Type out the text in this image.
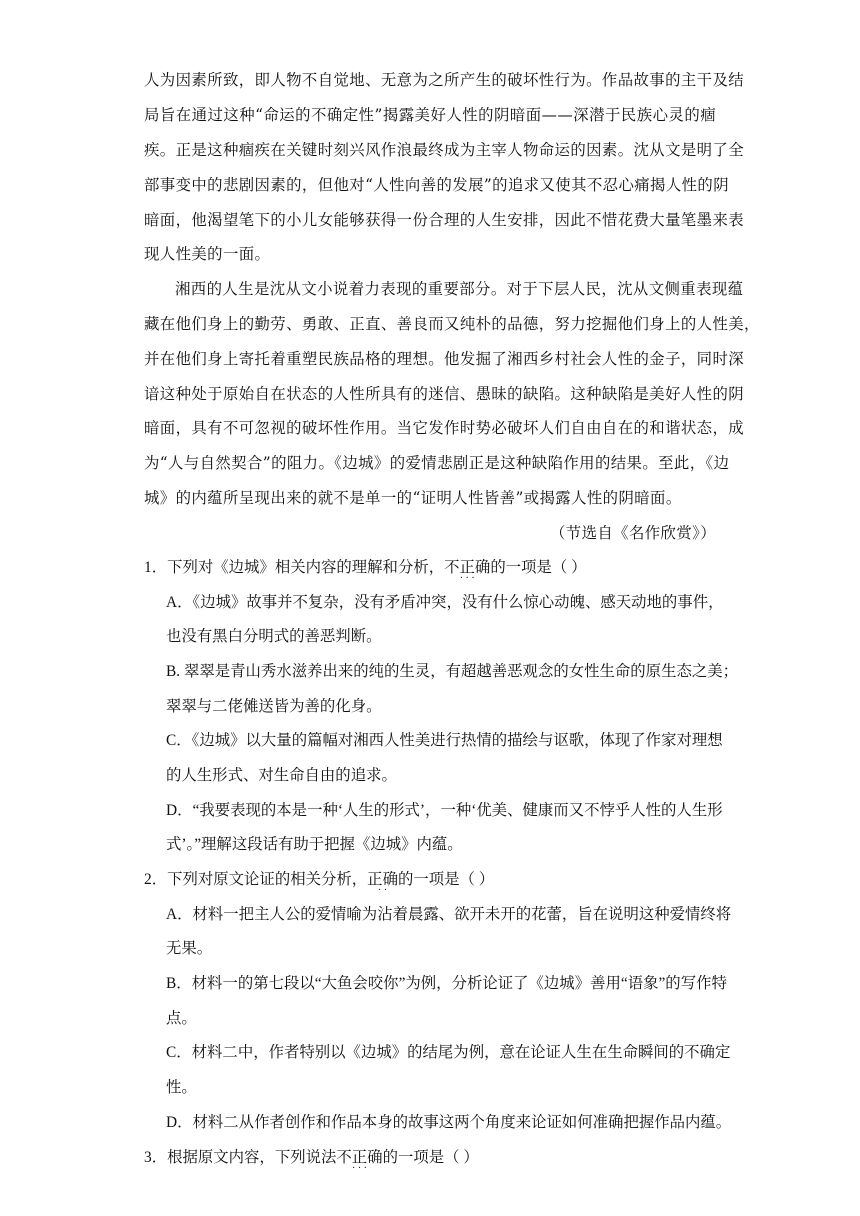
人为因素所致，即人物不自觉地、无意为之所产生的破坏性行为。作品故事的主干及结
局旨在通过这种“命运的不确定性”揭露美好人性的阴暗面——深潜于民族心灵的痼
疾。正是这种痼疾在关键时刻兴风作浪最终成为主宰人物命运的因素。沈从文是明了全
部事变中的悲剧因素的，但他对“人性向善的发展”的追求又使其不忍心痛揭人性的阴
暗面，他渴望笔下的小儿女能够获得一份合理的人生安排，因此不惜花费大量笔墨来表
现人性美的一面。
湘西的人生是沈从文小说着力表现的重要部分。对于下层人民，沈从文侧重表现蕴
藏在他们身上的勤劳、勇敢、正直、善良而又纯朴的品德，努力挖掘他们身上的人性美，
并在他们身上寄托着重塑民族品格的理想。他发掘了湘西乡村社会人性的金子，同时深
谙这种处于原始自在状态的人性所具有的迷信、愚昧的缺陷。这种缺陷是美好人性的阴
暗面，具有不可忽视的破坏性作用。当它发作时势必破坏人们自由自在的和谐状态，成
为“人与自然契合”的阻力。《边城》的爱情悲剧正是这种缺陷作用的结果。至此，《边
城》的内蕴所呈现出来的就不是单一的“证明人性皆善”或揭露人性的阴暗面。
（节选自《名作欣赏》）
1．下列对《边城》相关内容的理解和分析，不正确
· · ·
的一项是（ ）
A．《边城》故事并不复杂，没有矛盾冲突，没有什么惊心动魄、感天动地的事件，
也没有黑白分明式的善恶判断。
B. 翠翠是青山秀水滋养出来的纯的生灵，有超越善恶观念的女性生命的原生态之美；
翠翠与二佬傩送皆为善的化身。
C．《边城》以大量的篇幅对湘西人性美进行热情的描绘与讴歌，体现了作家对理想
的人生形式、对生命自由的追求。
D．“我要表现的本是一种‘人生的形式’，一种‘优美、健康而又不悖乎人性的人生形
式’。”理解这段话有助于把握《边城》内蕴。
2．下列对原文论证的相关分析，正确
· ·
的一项是（ ）
A．材料一把主人公的爱情喻为沾着晨露、欲开未开的花蕾，旨在说明这种爱情终将
无果。
B．材料一的第七段以“大鱼会咬你”为例，分析论证了《边城》善用“语象”的写作特
点。
C．材料二中，作者特别以《边城》的结尾为例，意在论证人生在生命瞬间的不确定
性。
D．材料二从作者创作和作品本身的故事这两个角度来论证如何准确把握作品内蕴。
3．根据原文内容，下列说法不正确
· · ·
的一项是（ ）
